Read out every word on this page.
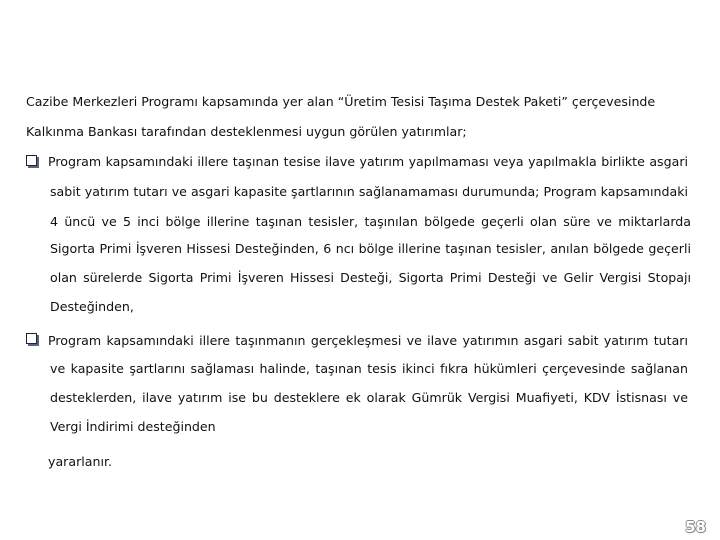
Cazibe Merkezleri Programı kapsamında yer alan “Üretim Tesisi Taşıma Destek Paketi” çerçevesinde
Kalkınma Bankası tarafından desteklenmesi uygun görülen yatırımlar;
Program kapsamındaki illere taşınan tesise ilave yatırım yapılmaması veya yapılmakla birlikte asgari
sabit yatırım tutarı ve asgari kapasite şartlarının sağlanamaması durumunda; Program kapsamındaki
4 üncü ve 5 inci bölge illerine taşınan tesisler, taşınılan bölgede geçerli olan süre ve miktarlarda
Sigorta Primi İşveren Hissesi Desteğinden, 6 ncı bölge illerine taşınan tesisler, anılan bölgede geçerli
olan sürelerde Sigorta Primi İşveren Hissesi Desteği, Sigorta Primi Desteği ve Gelir Vergisi Stopajı
Desteğinden,
Program kapsamındaki illere taşınmanın gerçekleşmesi ve ilave yatırımın asgari sabit yatırım tutarı
ve kapasite şartlarını sağlaması halinde, taşınan tesis ikinci fıkra hükümleri çerçevesinde sağlanan
desteklerden, ilave yatırım ise bu desteklere ek olarak Gümrük Vergisi Muafiyeti, KDV İstisnası ve
Vergi İndirimi desteğinden
yararlanır.
58
